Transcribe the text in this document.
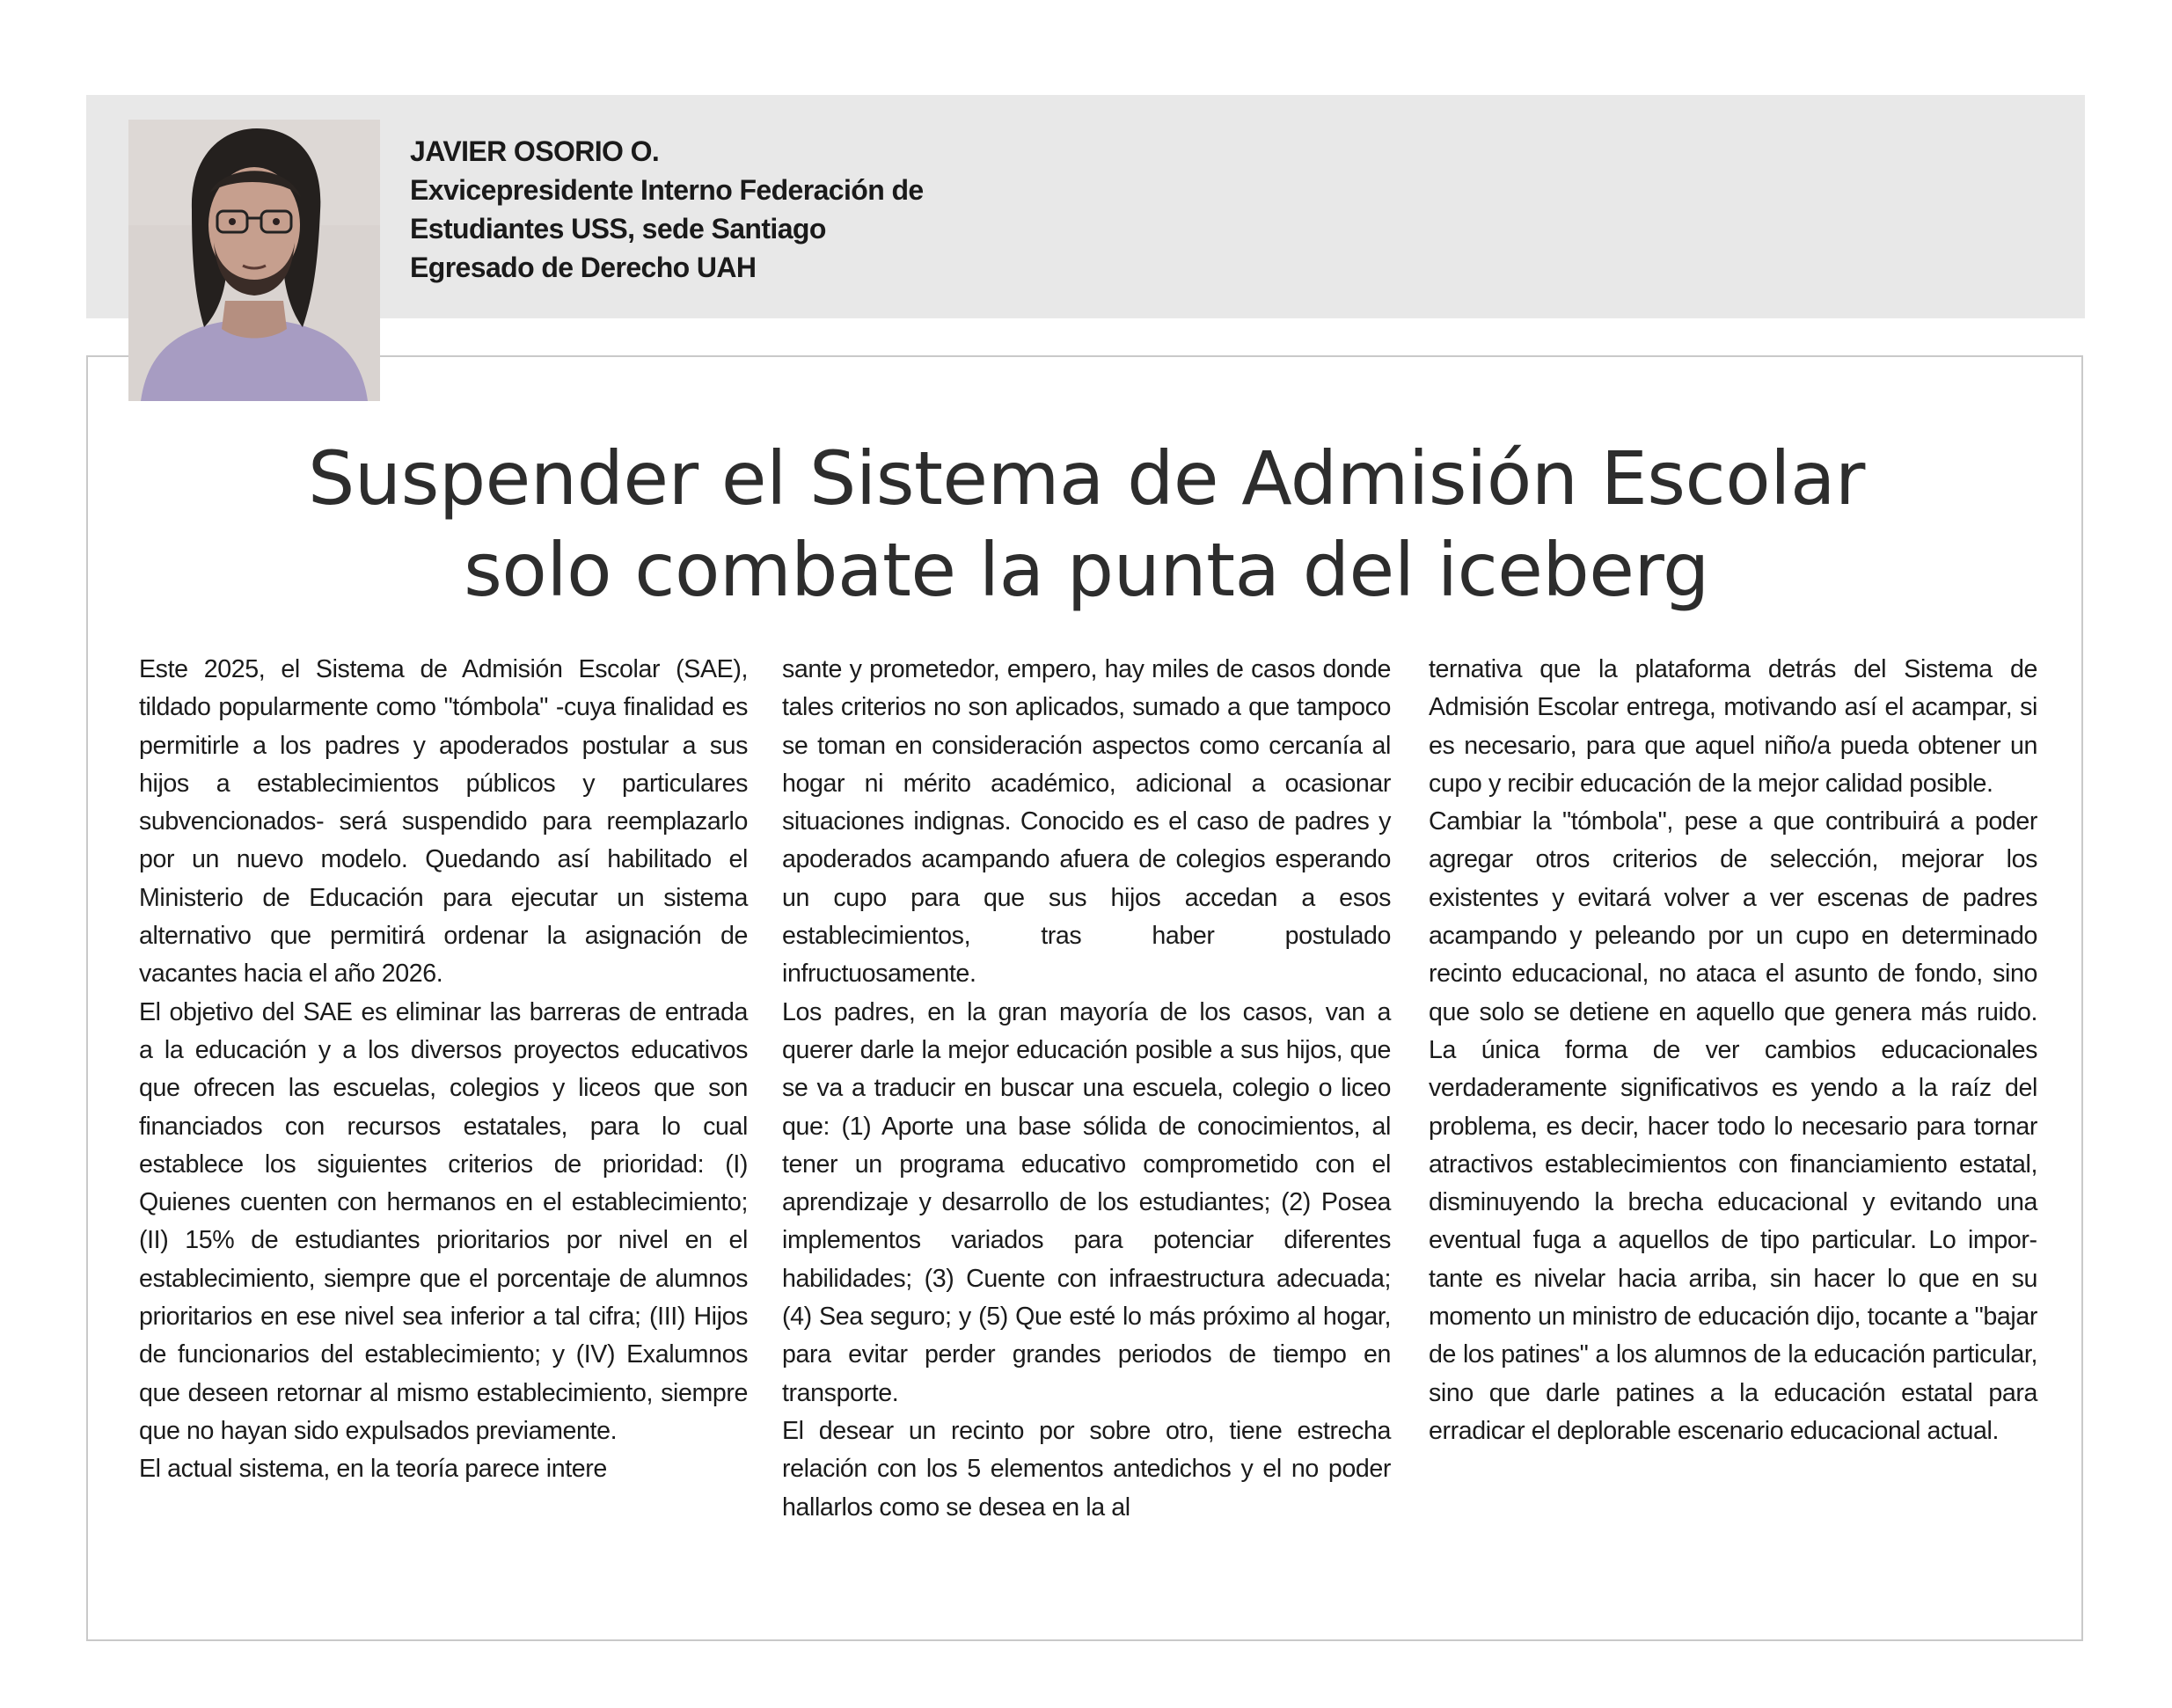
JAVIER OSORIO O.
Exvicepresidente Interno Federación de
Estudiantes USS, sede Santiago
Egresado de Derecho UAH
Suspender el Sistema de Admisión Escolar
solo combate la punta del iceberg

Este 2025, el Sistema de Admisión Escolar (SAE), tildado popularmente como "tómbola" -cuya finalidad es permitirle a los padres y apoderados postular a sus hijos a establecimientos públicos y particulares subvencionados- será suspendido para reemplazarlo por un nuevo modelo. Quedando así habilitado el Ministerio de Educación para ejecutar un sistema alternativo que permitirá ordenar la asignación de vacantes hacia el año 2026.

El objetivo del SAE es eliminar las barreras de entrada a la educación y a los diversos proyectos educativos que ofrecen las escuelas, colegios y liceos que son financiados con recursos estatales, para lo cual establece los siguientes criterios de prioridad: (I) Quienes cuenten con hermanos en el establecimiento; (II) 15% de estudiantes prioritarios por nivel en el establecimiento, siempre que el porcentaje de alumnos prioritarios en ese nivel sea inferior a tal cifra; (III) Hijos de funcionarios del establecimiento; y (IV) Exalumnos que deseen retornar al mismo establecimiento, siempre que no hayan sido expulsados previamente.

El actual sistema, en la teoría parece intere

sante y prometedor, empero, hay miles de casos donde tales criterios no son aplicados, sumado a que tampoco se toman en consideración aspectos como cercanía al hogar ni mérito académico, adicional a ocasionar situaciones indignas. Conocido es el caso de padres y apoderados acampando afuera de colegios esperando un cupo para que sus hijos accedan a esos establecimientos, tras haber postulado infructuosamente.

Los padres, en la gran mayoría de los casos, van a querer darle la mejor educación posible a sus hijos, que se va a traducir en buscar una escuela, colegio o liceo que: (1) Aporte una base sólida de conocimientos, al tener un programa educativo comprometido con el aprendizaje y desarrollo de los estudiantes; (2) Posea implementos variados para potenciar diferentes habilidades; (3) Cuente con infraestructura adecuada; (4) Sea seguro; y (5) Que esté lo más próximo al hogar, para evitar perder grandes periodos de tiempo en transporte.

El desear un recinto por sobre otro, tiene estrecha relación con los 5 elementos antedichos y el no poder hallarlos como se desea en la al

ternativa que la plataforma detrás del Sistema de Admisión Escolar entrega, motivando así el acampar, si es necesario, para que aquel niño/a pueda obtener un cupo y recibir educación de la mejor calidad posible.

Cambiar la "tómbola", pese a que contribuirá a poder agregar otros criterios de selección, mejorar los existentes y evitará volver a ver escenas de padres acampando y peleando por un cupo en determinado recinto educacional, no ataca el asunto de fondo, sino que solo se detiene en aquello que genera más ruido. La única forma de ver cambios educacionales verdaderamente significativos es yendo a la raíz del problema, es decir, hacer todo lo necesario para tornar atractivos establecimientos con financiamiento estatal, disminuyendo la brecha educacional y evitando una eventual fuga a aquellos de tipo particular. Lo importante es nivelar hacia arriba, sin hacer lo que en su momento un ministro de educación dijo, tocante a "bajar de los patines" a los alumnos de la educación particular, sino que darle patines a la educación estatal para erradicar el deplorable escenario educacional actual.
